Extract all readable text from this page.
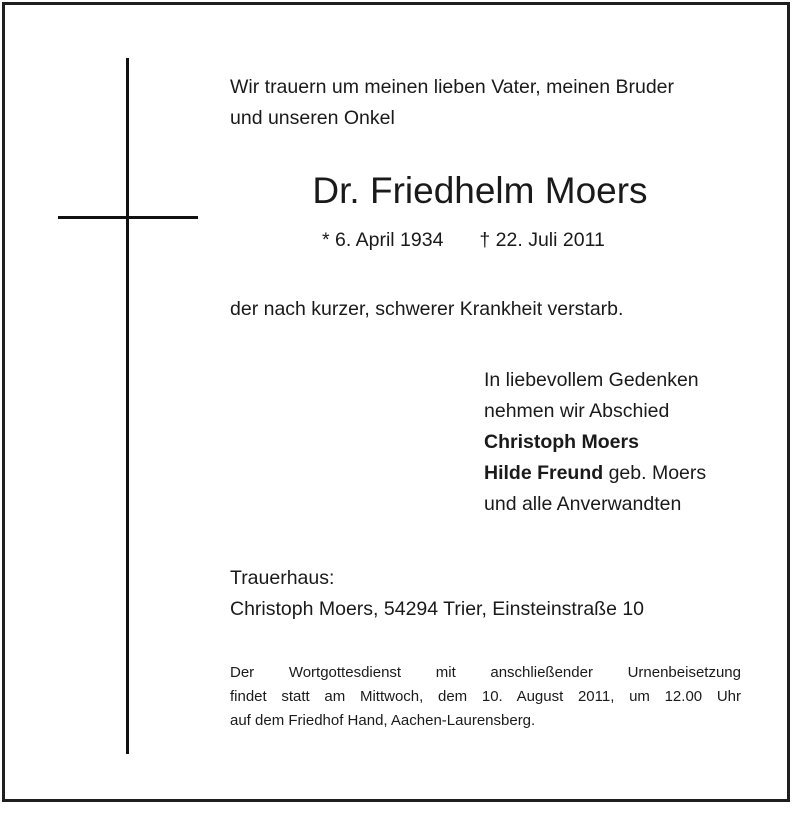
Wir trauern um meinen lieben Vater, meinen Bruder
und unseren Onkel
Dr. Friedhelm Moers
* 6. April 1934 † 22. Juli 2011
der nach kurzer, schwerer Krankheit verstarb.
In liebevollem Gedenken
nehmen wir Abschied
Christoph Moers
Hilde Freund geb. Moers
und alle Anverwandten
Trauerhaus:
Christoph Moers, 54294 Trier, Einsteinstraße 10
Der Wortgottesdienst mit anschließender Urnenbeisetzung
findet statt am Mittwoch, dem 10. August 2011, um 12.00 Uhr
auf dem Friedhof Hand, Aachen-Laurensberg.
